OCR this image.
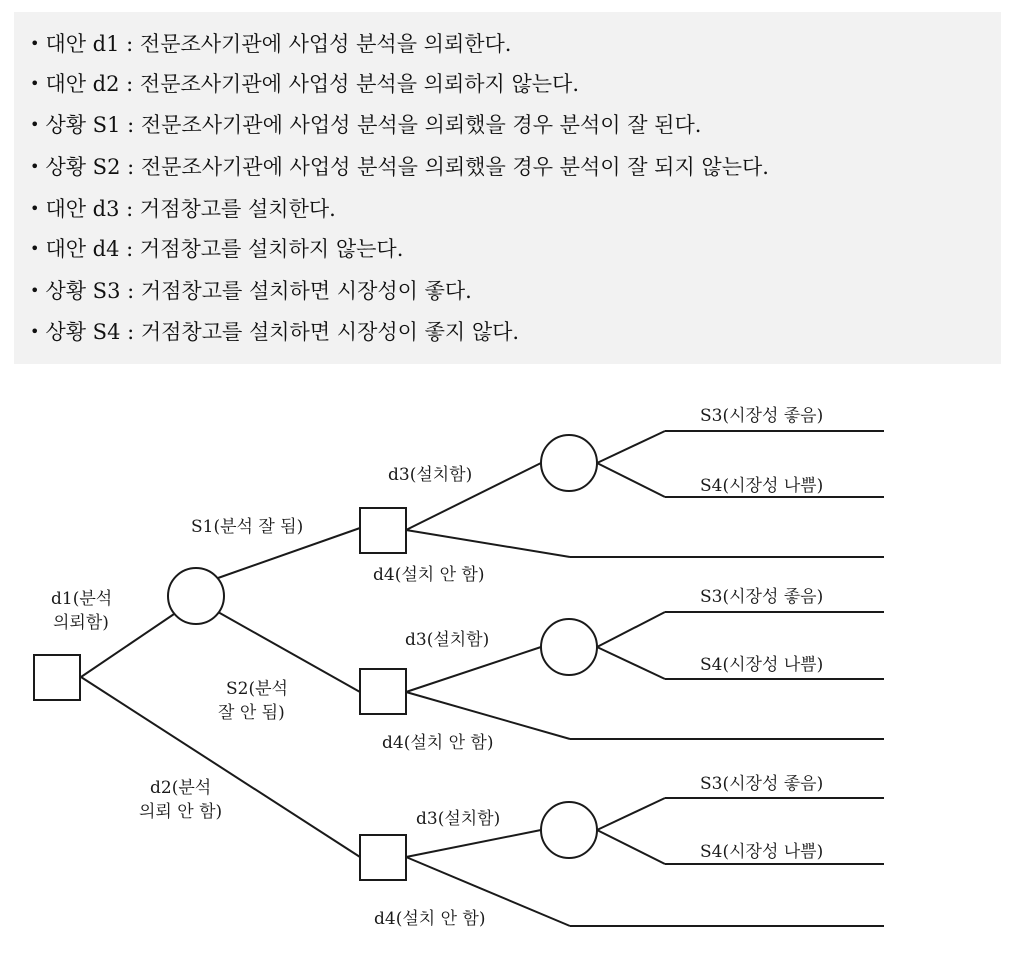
• 대안 d1 : 전문조사기관에 사업성 분석을 의뢰한다.
• 대안 d2 : 전문조사기관에 사업성 분석을 의뢰하지 않는다.
• 상황 S1 : 전문조사기관에 사업성 분석을 의뢰했을 경우 분석이 잘 된다.
• 상황 S2 : 전문조사기관에 사업성 분석을 의뢰했을 경우 분석이 잘 되지 않는다.
• 대안 d3 : 거점창고를 설치한다.
• 대안 d4 : 거점창고를 설치하지 않는다.
• 상황 S3 : 거점창고를 설치하면 시장성이 좋다.
• 상황 S4 : 거점창고를 설치하면 시장성이 좋지 않다.
d1(분석
의뢰함)
S1(분석 잘 됨)
S2(분석
잘 안 됨)
d2(분석
의뢰 안 함)
d3(설치함)
d4(설치 안 함)
S3(시장성 좋음)
S4(시장성 나쁨)
d3(설치함)
d4(설치 안 함)
S3(시장성 좋음)
S4(시장성 나쁨)
d3(설치함)
d4(설치 안 함)
S3(시장성 좋음)
S4(시장성 나쁨)
